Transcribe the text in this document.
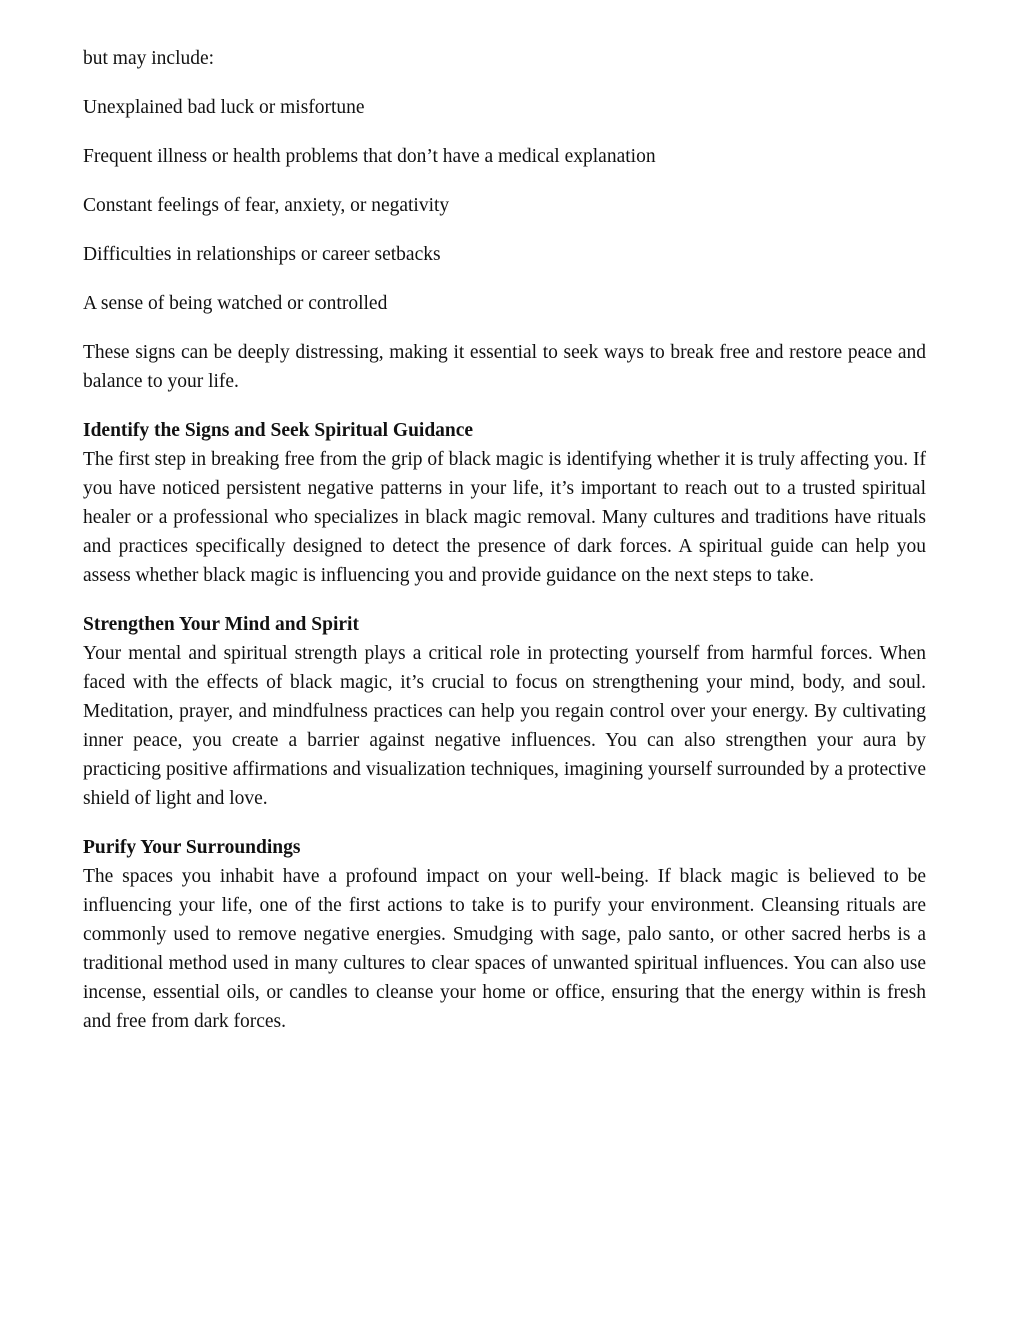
but may include:

Unexplained bad luck or misfortune

Frequent illness or health problems that don’t have a medical explanation

Constant feelings of fear, anxiety, or negativity

Difficulties in relationships or career setbacks

A sense of being watched or controlled

These signs can be deeply distressing, making it essential to seek ways to break free and restore peace and balance to your life.

Identify the Signs and Seek Spiritual Guidance

The first step in breaking free from the grip of black magic is identifying whether it is truly affecting you. If you have noticed persistent negative patterns in your life, it’s important to reach out to a trusted spiritual healer or a professional who specializes in black magic removal. Many cultures and traditions have rituals and practices specifically designed to detect the presence of dark forces. A spiritual guide can help you assess whether black magic is influencing you and provide guidance on the next steps to take.

Strengthen Your Mind and Spirit

Your mental and spiritual strength plays a critical role in protecting yourself from harmful forces. When faced with the effects of black magic, it’s crucial to focus on strengthening your mind, body, and soul. Meditation, prayer, and mindfulness practices can help you regain control over your energy. By cultivating inner peace, you create a barrier against negative influences. You can also strengthen your aura by practicing positive affirmations and visualization techniques, imagining yourself surrounded by a protective shield of light and love.

Purify Your Surroundings

The spaces you inhabit have a profound impact on your well-being. If black magic is believed to be influencing your life, one of the first actions to take is to purify your environment. Cleansing rituals are commonly used to remove negative energies. Smudging with sage, palo santo, or other sacred herbs is a traditional method used in many cultures to clear spaces of unwanted spiritual influences. You can also use incense, essential oils, or candles to cleanse your home or office, ensuring that the energy within is fresh and free from dark forces.
